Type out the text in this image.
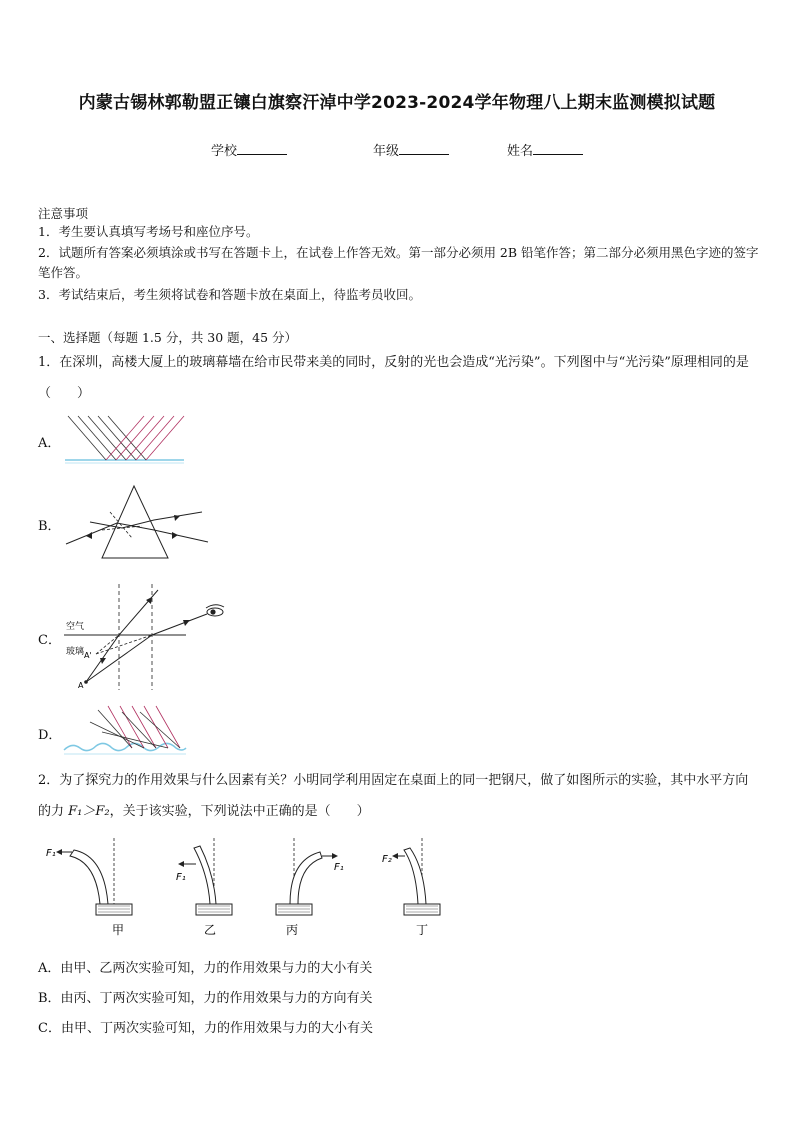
内蒙古锡林郭勒盟正镶白旗察汗淖中学2023-2024学年物理八上期末监测模拟试题
学校	年级	姓名
注意事项
1．考生要认真填写考场号和座位序号。
2．试题所有答案必须填涂或书写在答题卡上，在试卷上作答无效。第一部分必须用 2B 铅笔作答；第二部分必须用黑色字迹的签字笔作答。
3．考试结束后，考生须将试卷和答题卡放在桌面上，待监考员收回。
一、选择题（每题 1.5 分，共 30 题，45 分）
1．在深圳，高楼大厦上的玻璃幕墙在给市民带来美的同时，反射的光也会造成“光污染”。下列图中与“光污染”原理相同的是（　　）
A．
B．
C．
空气
玻璃 A'
A
D．
2．为了探究力的作用效果与什么因素有关？小明同学利用固定在桌面上的同一把钢尺，做了如图所示的实验，其中水平方向的力 F₁＞F₂，关于该实验，下列说法中正确的是（　　）
F₁
甲
F₁
乙
F₁
丙
F₂
丁
A．由甲、乙两次实验可知，力的作用效果与力的大小有关
B．由丙、丁两次实验可知，力的作用效果与力的方向有关
C．由甲、丁两次实验可知，力的作用效果与力的大小有关
